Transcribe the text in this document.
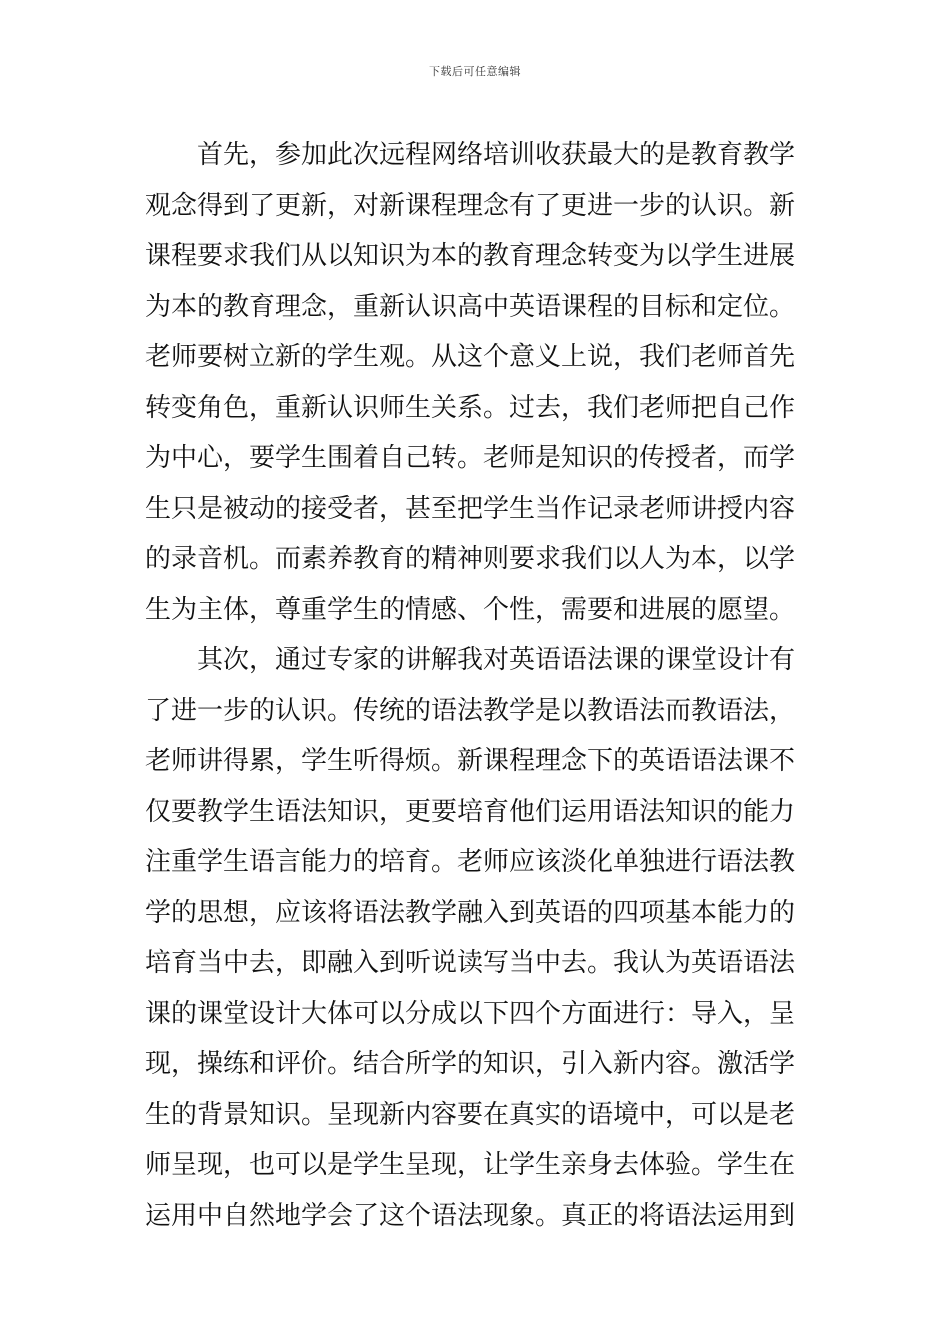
下载后可任意编辑
首先，参加此次远程网络培训收获最大的是教育教学
观念得到了更新，对新课程理念有了更进一步的认识。新
课程要求我们从以知识为本的教育理念转变为以学生进展
为本的教育理念，重新认识高中英语课程的目标和定位。
老师要树立新的学生观。从这个意义上说，我们老师首先
转变角色，重新认识师生关系。过去，我们老师把自己作
为中心，要学生围着自己转。老师是知识的传授者，而学
生只是被动的接受者，甚至把学生当作记录老师讲授内容
的录音机。而素养教育的精神则要求我们以人为本，以学
生为主体，尊重学生的情感、个性，需要和进展的愿望。
其次，通过专家的讲解我对英语语法课的课堂设计有
了进一步的认识。传统的语法教学是以教语法而教语法，
老师讲得累，学生听得烦。新课程理念下的英语语法课不
仅要教学生语法知识，更要培育他们运用语法知识的能力
注重学生语言能力的培育。老师应该淡化单独进行语法教
学的思想，应该将语法教学融入到英语的四项基本能力的
培育当中去，即融入到听说读写当中去。我认为英语语法
课的课堂设计大体可以分成以下四个方面进行：导入，呈
现，操练和评价。结合所学的知识，引入新内容。激活学
生的背景知识。呈现新内容要在真实的语境中，可以是老
师呈现，也可以是学生呈现，让学生亲身去体验。学生在
运用中自然地学会了这个语法现象。真正的将语法运用到
